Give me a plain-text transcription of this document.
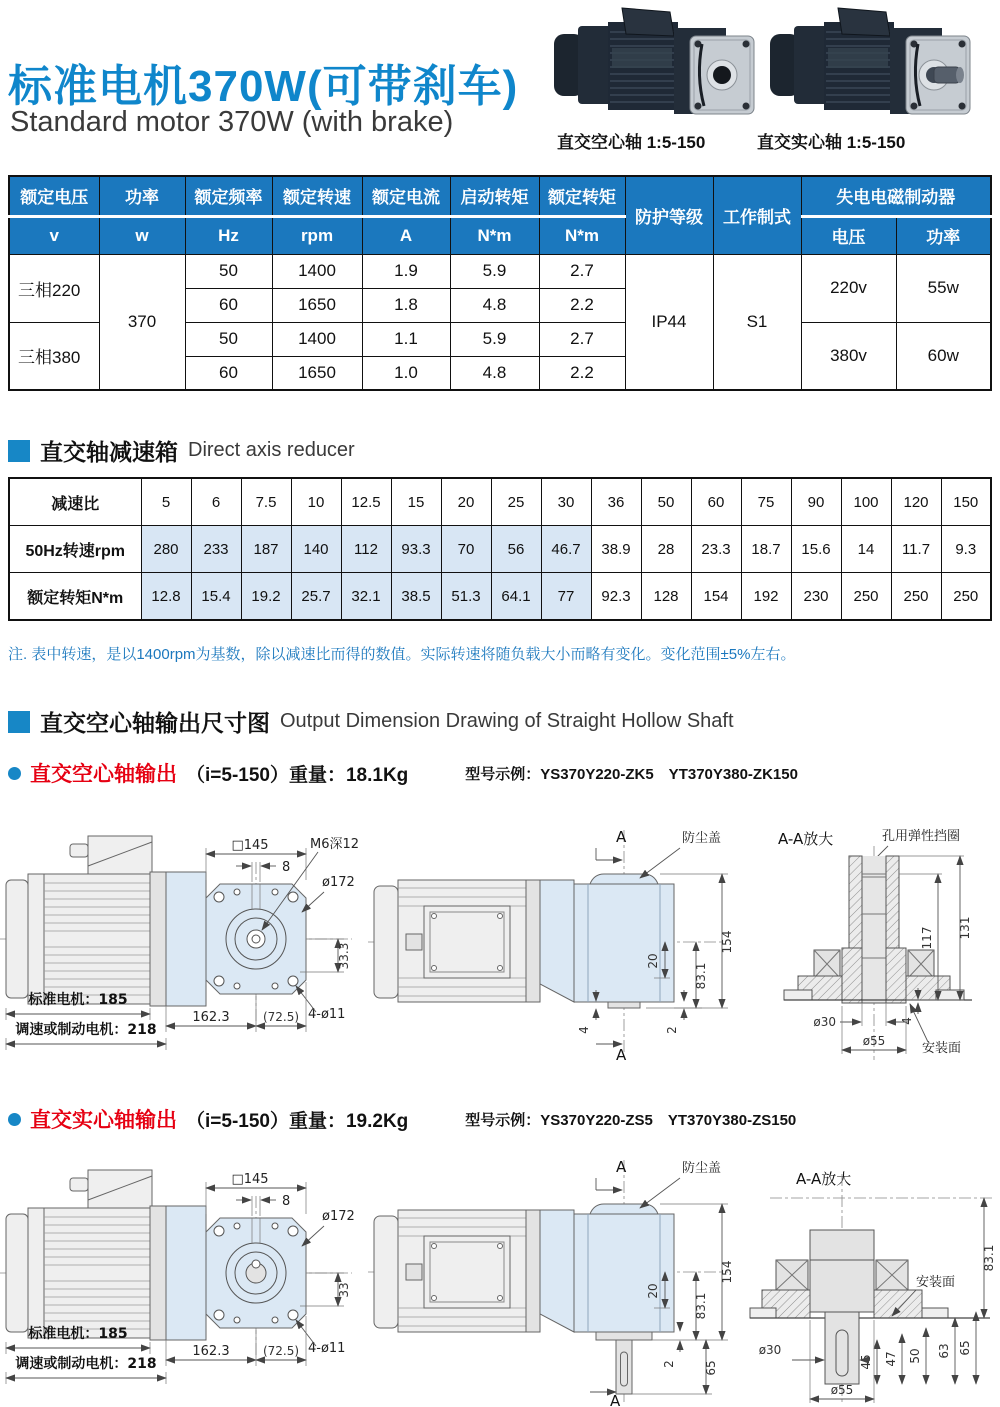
标准电机370W(可带刹车)
Standard motor 370W (with brake)
直交空心轴 1:5-150	直交实心轴 1:5-150
额定电压	功率	额定频率	额定转速	额定电流	启动转矩	额定转矩	防护等级	工作制式	失电电磁制动器	
v	w	Hz	rpm	A	N*m	N*m			电压	功率
三相220	370	50	1400	1.9	5.9	2.7	IP44	S1	220v	55w
		60	1650	1.8	4.8	2.2				
三相380		50	1400	1.1	5.9	2.7			380v	60w
		60	1650	1.0	4.8	2.2				
直交轴减速箱 Direct axis reducer
减速比	5	6	7.5	10	12.5	15	20	25	30	36	50	60	75	90	100	120	150
50Hz转速rpm	280	233	187	140	112	93.3	70	56	46.7	38.9	28	23.3	18.7	15.6	14	11.7	9.3
额定转矩N*m	12.8	15.4	19.2	25.7	32.1	38.5	51.3	64.1	77	92.3	128	154	192	230	250	250	250
注. 表中转速，是以1400rpm为基数，除以减速比而得的数值。实际转速将随负载大小而略有变化。变化范围±5%左右。
直交空心轴输出尺寸图 Output Dimension Drawing of Straight Hollow Shaft
直交空心轴输出 （i=5-150）重量：18.1Kg	型号示例：YS370Y220-ZK5　YT370Y380-ZK150
□145
8
M6深12
ø172
33.3
4-ø11
162.3	(72.5)
标准电机：185
调速或制动电机：218
A
A
防尘盖
154
83.1
20
4	2
A-A放大	孔用弹性挡圈
117 131
4
ø30
ø55	安装面
直交实心轴输出 （i=5-150）重量：19.2Kg	型号示例：YS370Y220-ZS5　YT370Y380-ZS150
□145
8
ø172
33
4-ø11
162.3	(72.5)
标准电机：185
调速或制动电机：218
A
A
防尘盖
154
83.1
20
2 65
A-A放大
安装面
83.1
65
63
50
47
45
ø30
ø55
